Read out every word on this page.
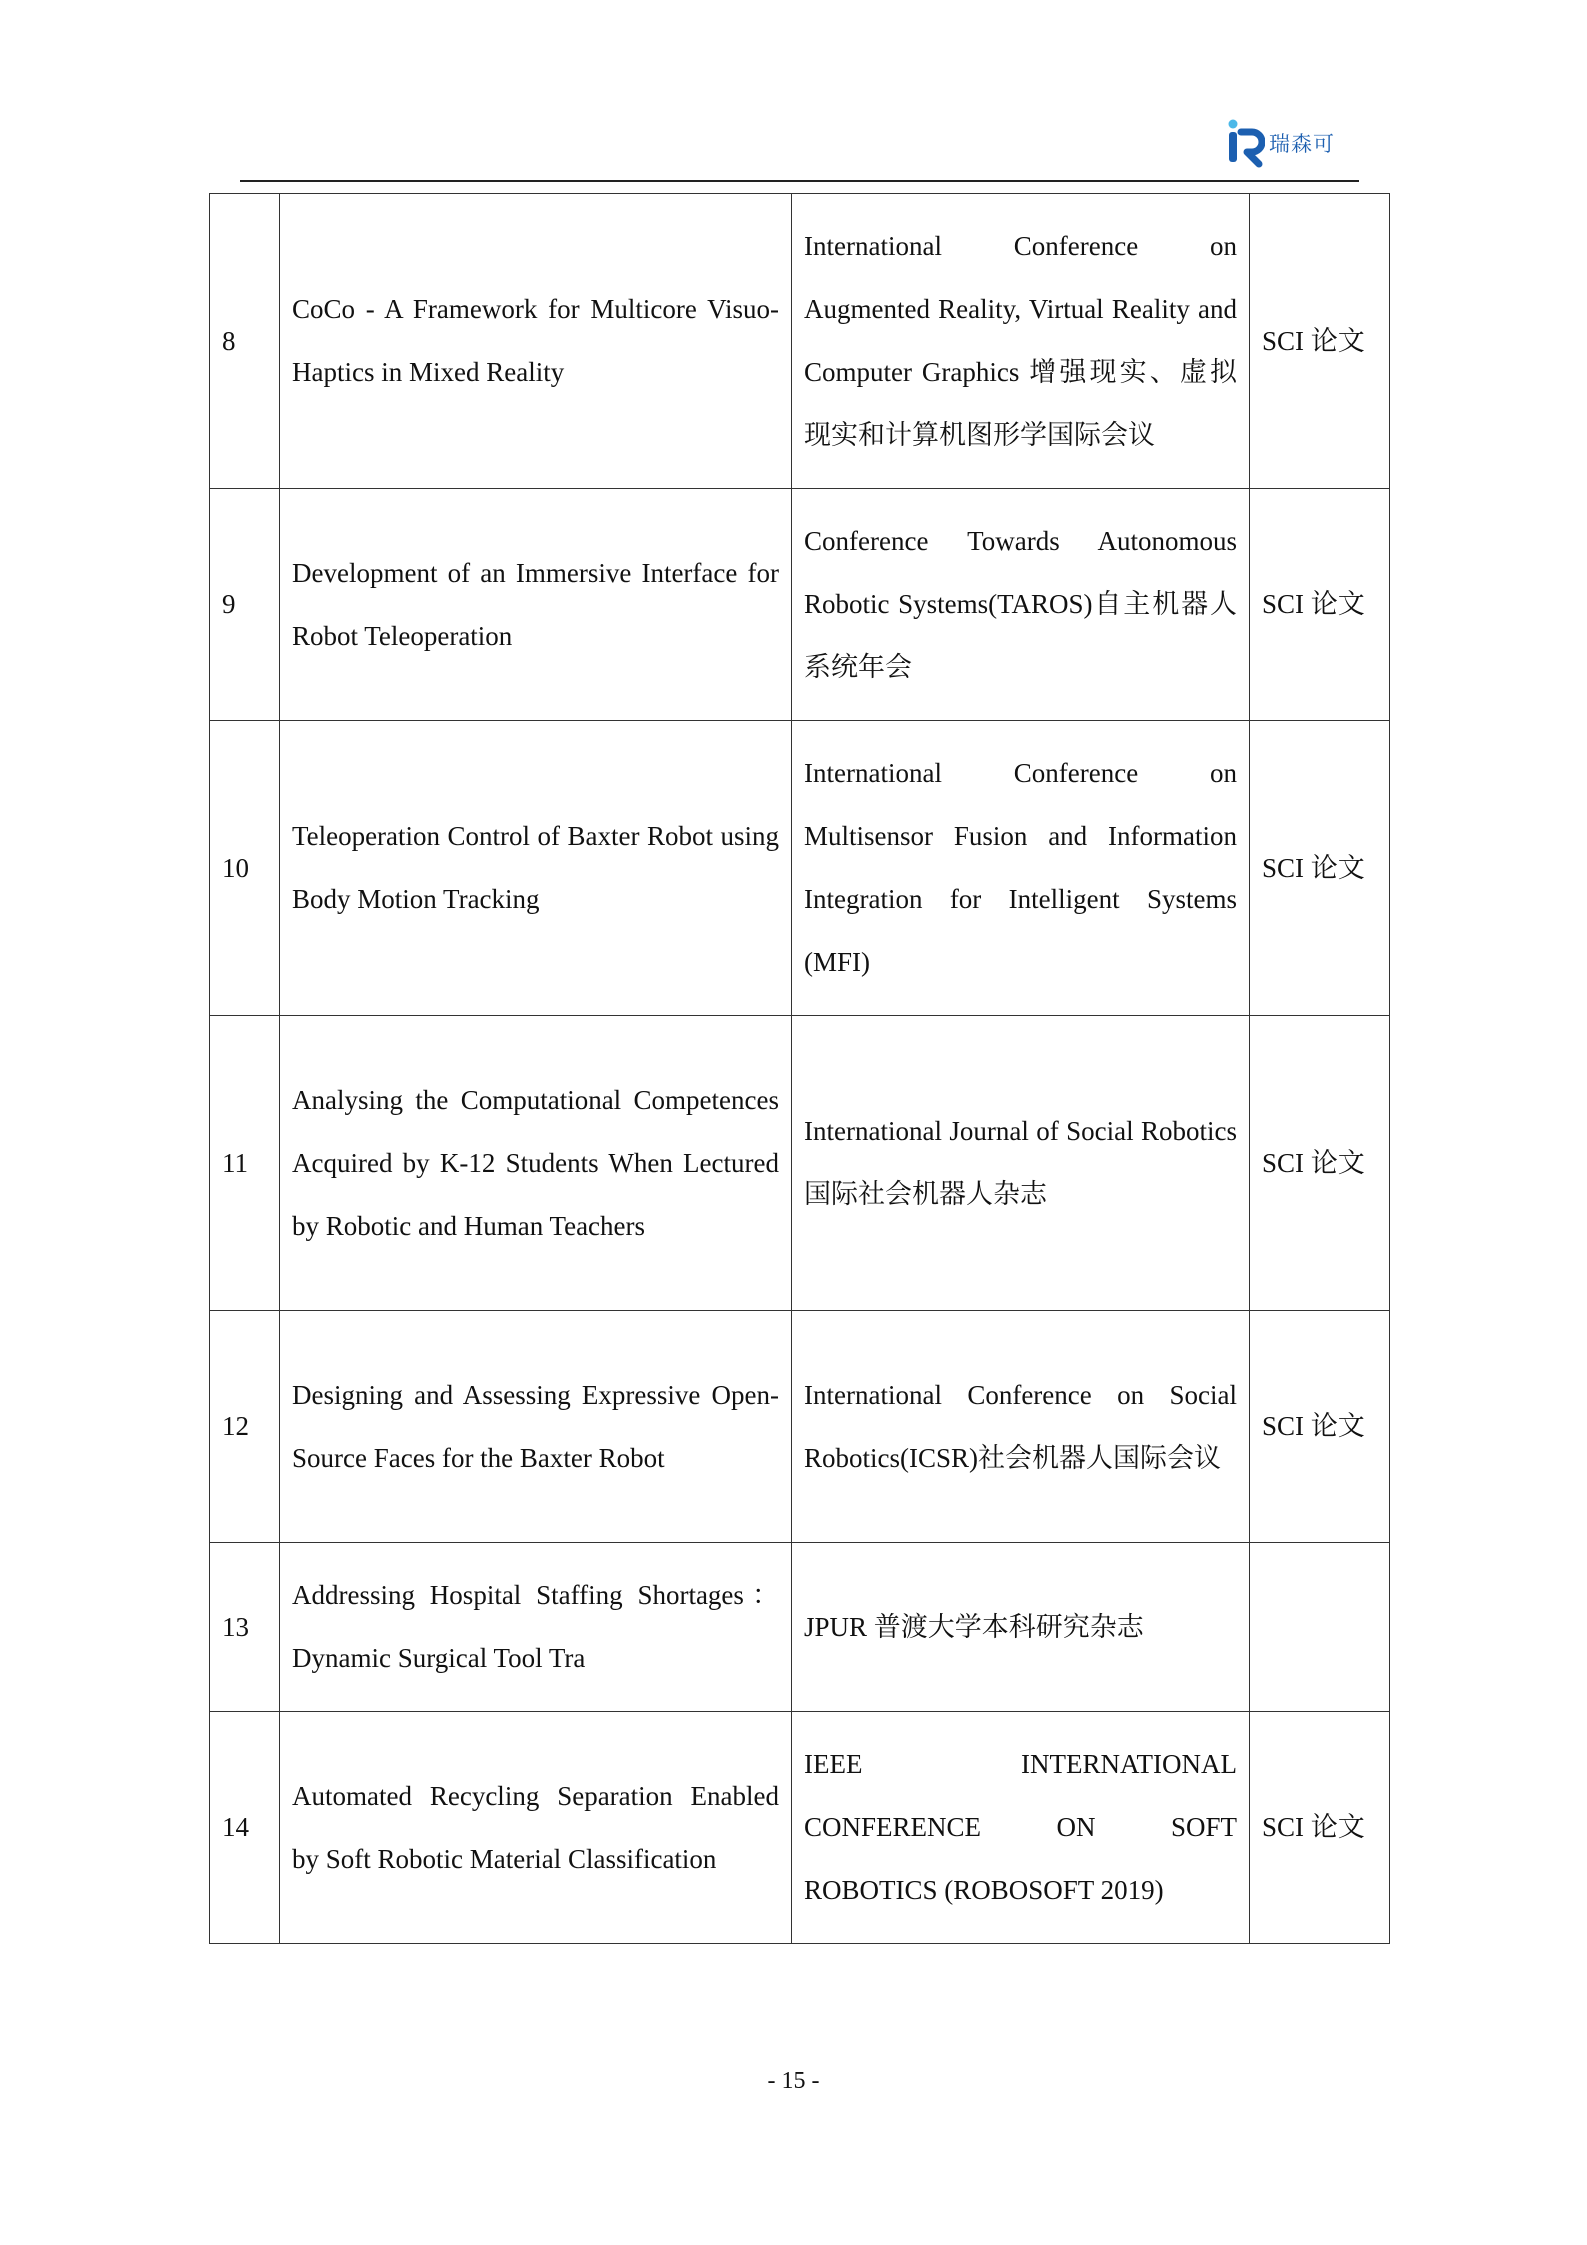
瑞森可
8	CoCo - A Framework for Multicore Visuo-Haptics in Mixed Reality	International Conference on Augmented Reality, Virtual Reality and Computer Graphics 增强现实、虚拟现实和计算机图形学国际会议	SCI 论文
9	Development of an Immersive Interface for Robot Teleoperation	Conference Towards Autonomous Robotic Systems(TAROS)自主机器人系统年会	SCI 论文
10	Teleoperation Control of Baxter Robot using Body Motion Tracking	International Conference on Multisensor Fusion and Information Integration for Intelligent Systems (MFI)	SCI 论文
11	Analysing the Computational Competences Acquired by K-12 Students When Lectured by Robotic and Human Teachers	International Journal of Social Robotics 国际社会机器人杂志	SCI 论文
12	Designing and Assessing Expressive Open-Source Faces for the Baxter Robot	International Conference on Social Robotics(ICSR)社会机器人国际会议	SCI 论文
13	Addressing Hospital Staffing Shortages：Dynamic Surgical Tool Tra	JPUR 普渡大学本科研究杂志	
14	Automated Recycling Separation Enabled by Soft Robotic Material Classification	IEEE INTERNATIONAL CONFERENCE ON SOFT ROBOTICS (ROBOSOFT 2019)	SCI 论文
- 15 -
